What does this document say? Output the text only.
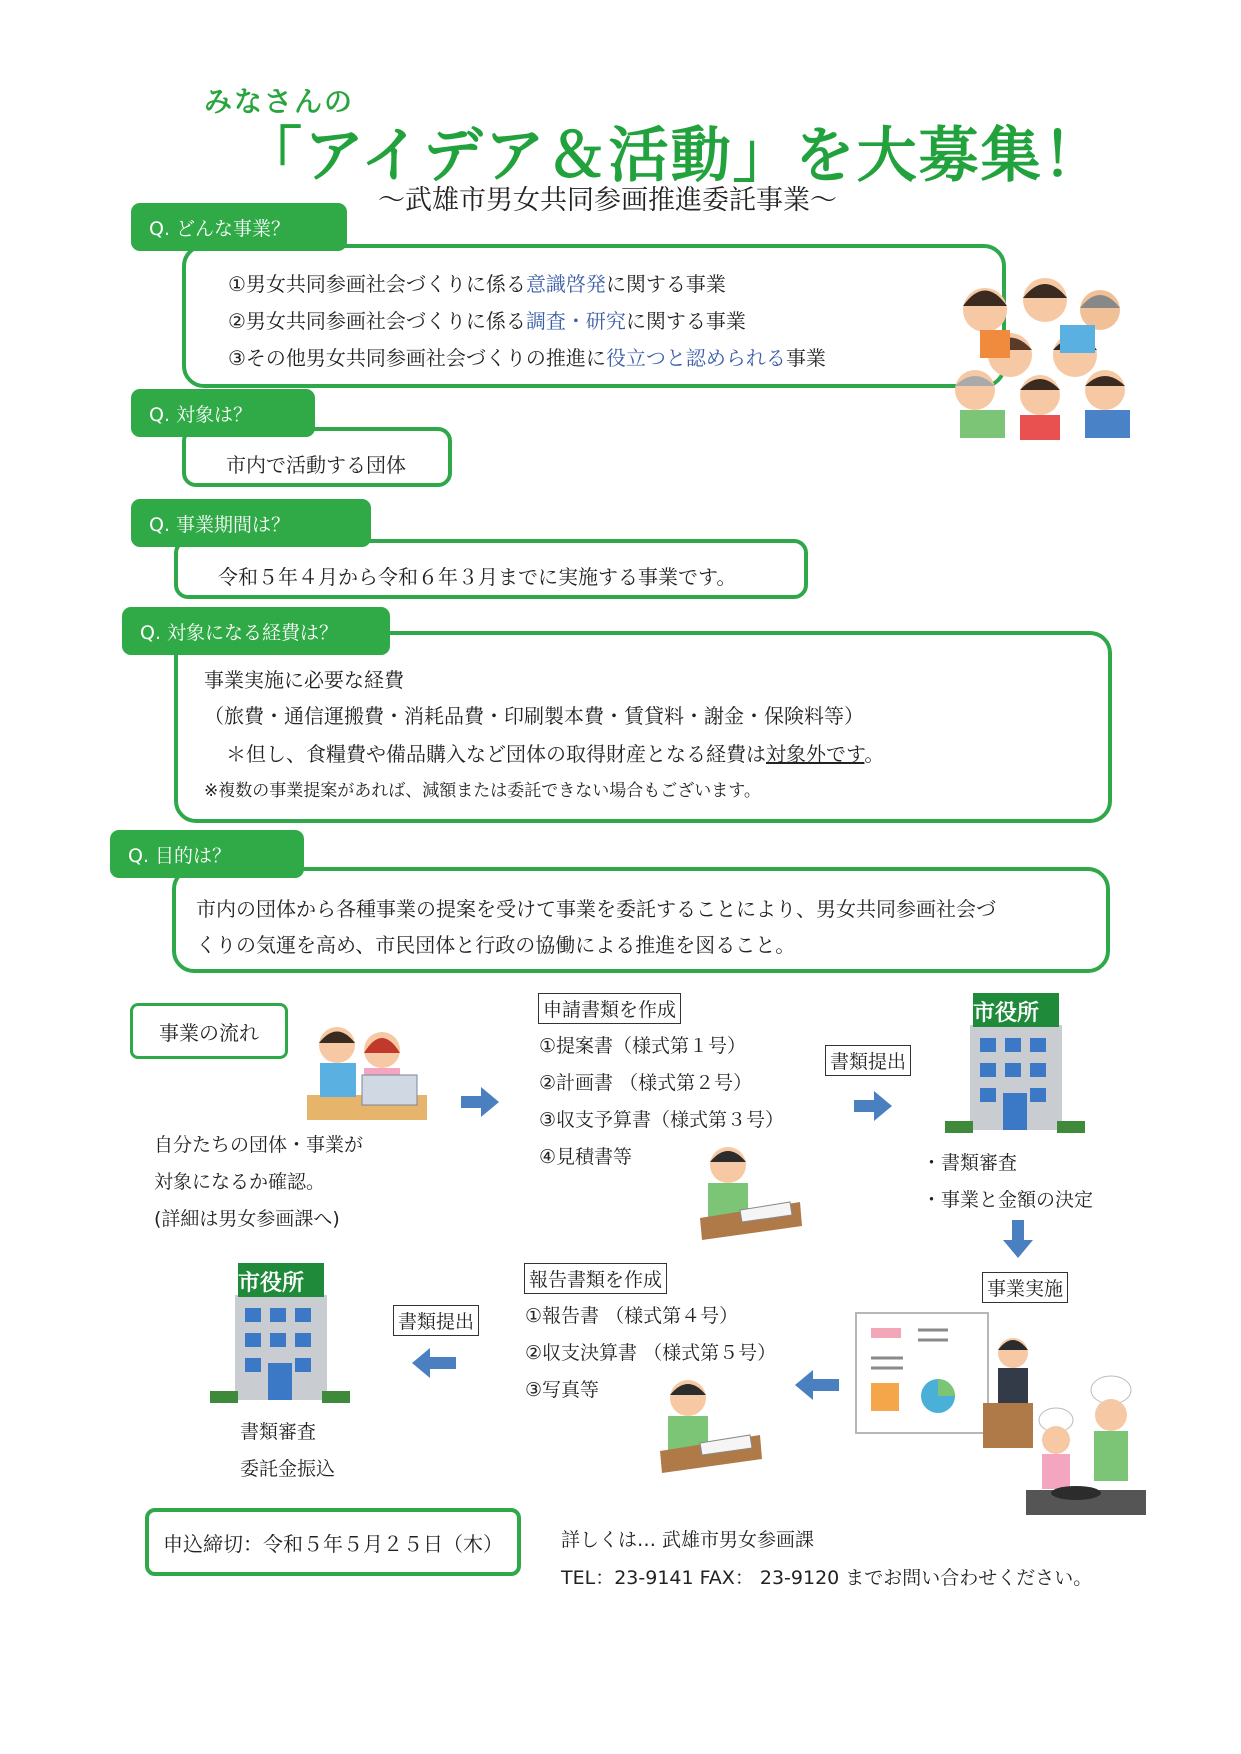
みなさんの
「アイデア＆活動」を大募集！
～武雄市男女共同参画推進委託事業～
Q. どんな事業？
①男女共同参画社会づくりに係る意識啓発に関する事業
②男女共同参画社会づくりに係る調査・研究に関する事業
③その他男女共同参画社会づくりの推進に役立つと認められる事業
Q. 対象は？
市内で活動する団体
Q. 事業期間は？
令和５年４月から令和６年３月までに実施する事業です。
Q. 対象になる経費は？
事業実施に必要な経費
（旅費・通信運搬費・消耗品費・印刷製本費・賃貸料・謝金・保険料等）
＊但し、食糧費や備品購入など団体の取得財産となる経費は対象外です。
※複数の事業提案があれば、減額または委託できない場合もございます。
Q. 目的は？
市内の団体から各種事業の提案を受けて事業を委託することにより、男女共同参画社会づ
くりの気運を高め、市民団体と行政の協働による推進を図ること。
事業の流れ
自分たちの団体・事業が
対象になるか確認。
(詳細は男女参画課へ)
申請書類を作成
①提案書（様式第１号）
②計画書 （様式第２号）
③収支予算書（様式第３号）
④見積書等
書類提出
市役所
・書類審査
・事業と金額の決定
事業実施
報告書類を作成
①報告書 （様式第４号）
②収支決算書 （様式第５号）
③写真等
書類提出
市役所
書類審査
委託金振込
申込締切：令和５年５月２５日（木）	詳しくは… 武雄市男女参画課
TEL：23-9141 FAX： 23-9120 までお問い合わせください。
